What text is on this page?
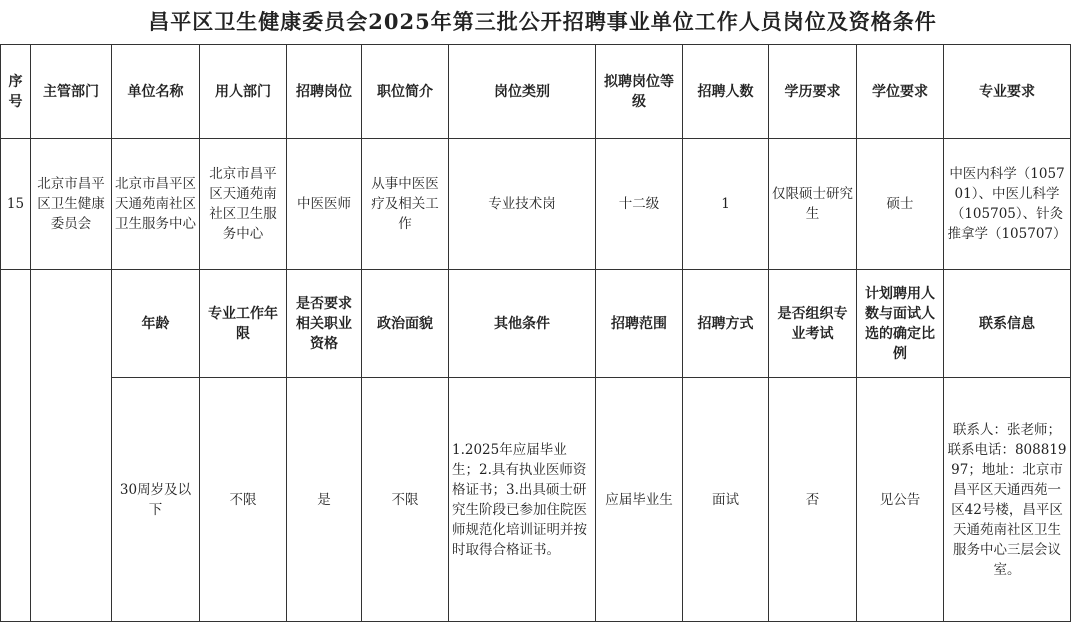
昌平区卫生健康委员会2025年第三批公开招聘事业单位工作人员岗位及资格条件
序号	主管部门	单位名称	用人部门	招聘岗位	职位简介	岗位类别	拟聘岗位等级	招聘人数	学历要求	学位要求	专业要求
15	北京市昌平区卫生健康委员会	北京市昌平区天通苑南社区卫生服务中心	北京市昌平区天通苑南社区卫生服务中心	中医医师	从事中医医疗及相关工作	专业技术岗	十二级	1	仅限硕士研究生	硕士	中医内科学（105701）、中医儿科学（105705）、针灸推拿学（105707）
		年龄	专业工作年限	是否要求相关职业资格	政治面貌	其他条件	招聘范围	招聘方式	是否组织专业考试	计划聘用人数与面试人选的确定比例	联系信息
		30周岁及以下	不限	是	不限	1.2025年应届毕业生；2.具有执业医师资格证书；3.出具硕士研究生阶段已参加住院医师规范化培训证明并按时取得合格证书。	应届毕业生	面试	否	见公告	联系人：张老师；联系电话：80881997；地址：北京市昌平区天通西苑一区42号楼，昌平区天通苑南社区卫生服务中心三层会议室。
